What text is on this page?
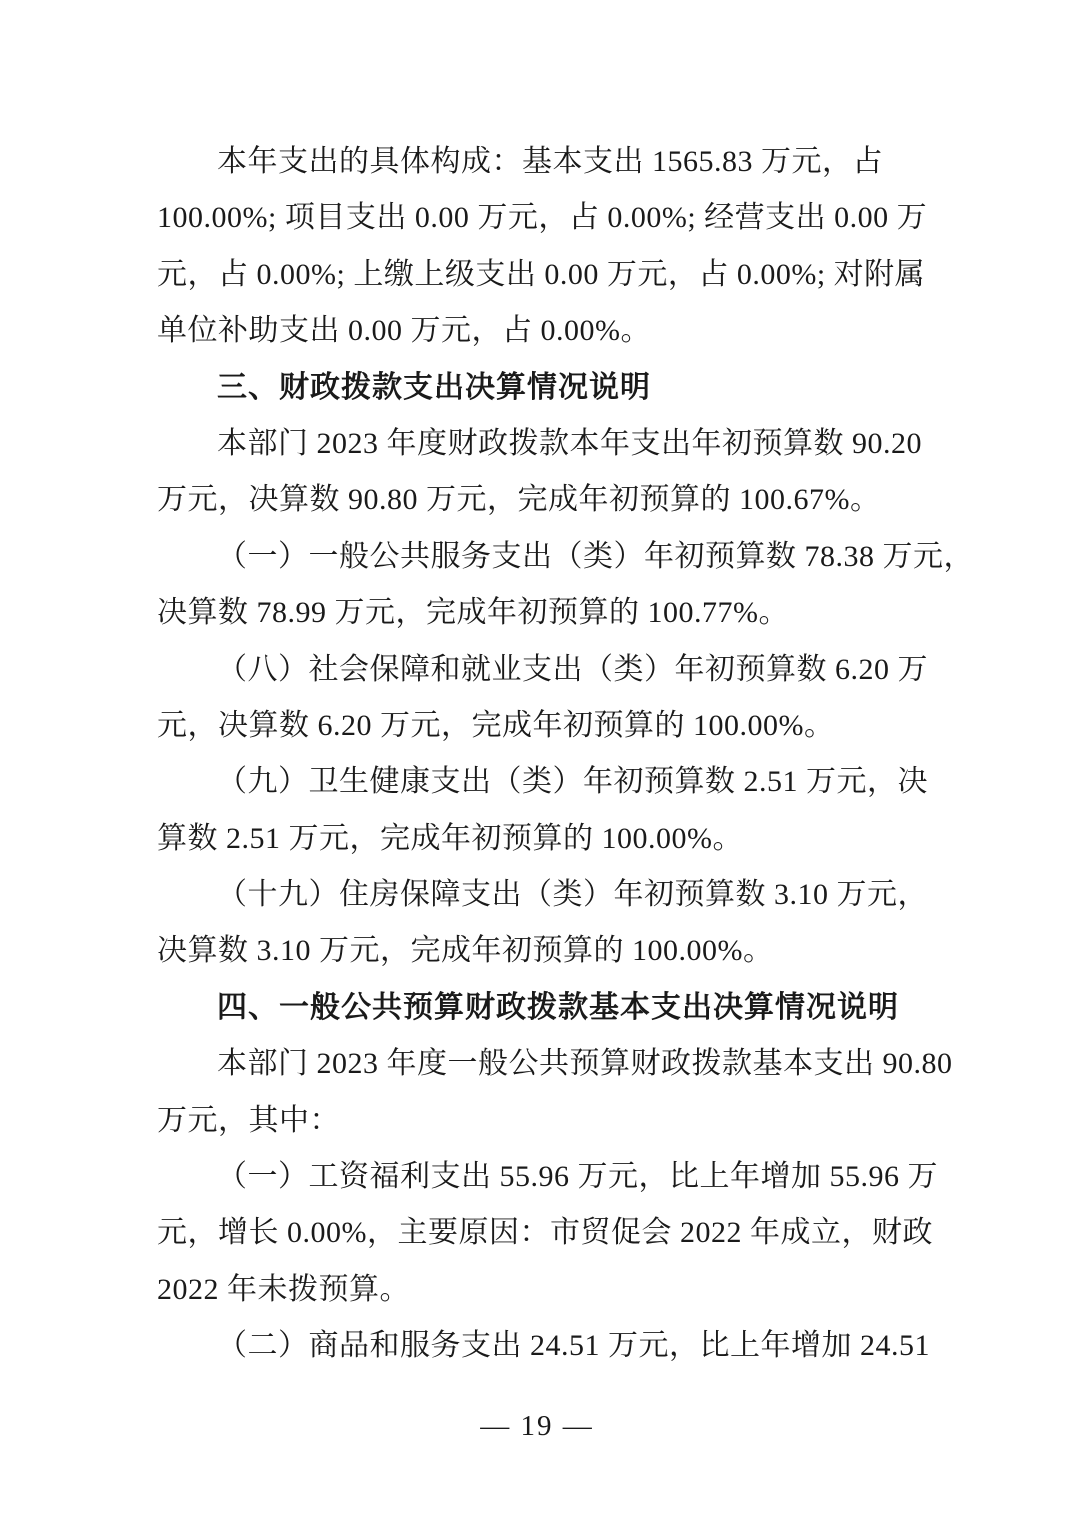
本年支出的具体构成：基本支出 1565.83 万元，占

100.00%; 项目支出 0.00 万元，占 0.00%; 经营支出 0.00 万

元，占 0.00%; 上缴上级支出 0.00 万元，占 0.00%; 对附属

单位补助支出 0.00 万元，占 0.00%。

三、财政拨款支出决算情况说明

本部门 2023 年度财政拨款本年支出年初预算数 90.20

万元，决算数 90.80 万元，完成年初预算的 100.67%。

（一）一般公共服务支出（类）年初预算数 78.38 万元，

决算数 78.99 万元，完成年初预算的 100.77%。

（八）社会保障和就业支出（类）年初预算数 6.20 万

元，决算数 6.20 万元，完成年初预算的 100.00%。

（九）卫生健康支出（类）年初预算数 2.51 万元，决

算数 2.51 万元，完成年初预算的 100.00%。

（十九）住房保障支出（类）年初预算数 3.10 万元，

决算数 3.10 万元，完成年初预算的 100.00%。

四、一般公共预算财政拨款基本支出决算情况说明

本部门 2023 年度一般公共预算财政拨款基本支出 90.80

万元，其中：

（一）工资福利支出 55.96 万元，比上年增加 55.96 万

元，增长 0.00%，主要原因：市贸促会 2022 年成立，财政

2022 年未拨预算。

（二）商品和服务支出 24.51 万元，比上年增加 24.51

— 19 —
